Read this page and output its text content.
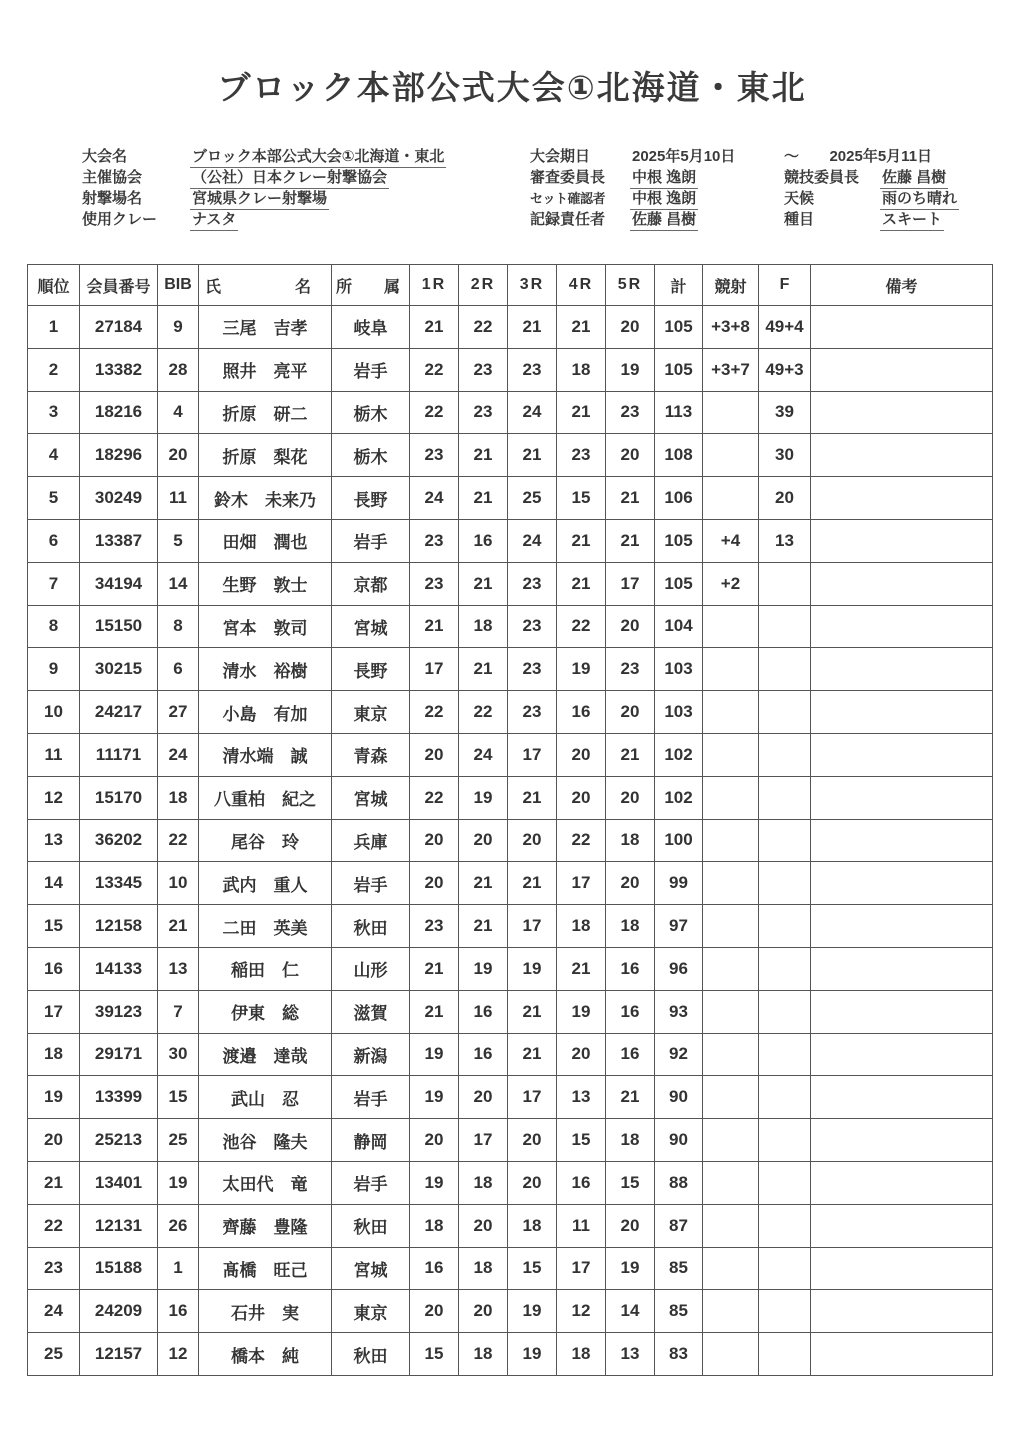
ブロック本部公式大会①北海道・東北
大会名	ブロック本部公式大会①北海道・東北
主催協会	（公社）日本クレー射撃協会
射撃場名	宮城県クレー射撃場
使用クレー	ナスタ
大会期日	2025年5月10日
審査委員長	中根 逸朗
セット確認者	中根 逸朗
記録責任者	佐藤 昌樹
〜 2025年5月11日
競技委員長	佐藤 昌樹
天候	雨のち晴れ
種目	スキート
順位	会員番号	BIB	氏　　名	所　属	1R	2R	3R	4R	5R	計	競射	F	備考
1	27184	9	三尾　吉孝	岐阜	21	22	21	21	20	105	+3+8	49+4	
2	13382	28	照井　亮平	岩手	22	23	23	18	19	105	+3+7	49+3	
3	18216	4	折原　研二	栃木	22	23	24	21	23	113		39	
4	18296	20	折原　梨花	栃木	23	21	21	23	20	108		30	
5	30249	11	鈴木　未来乃	長野	24	21	25	15	21	106		20	
6	13387	5	田畑　潤也	岩手	23	16	24	21	21	105	+4	13	
7	34194	14	生野　敦士	京都	23	21	23	21	17	105	+2		
8	15150	8	宮本　敦司	宮城	21	18	23	22	20	104			
9	30215	6	清水　裕樹	長野	17	21	23	19	23	103			
10	24217	27	小島　有加	東京	22	22	23	16	20	103			
11	11171	24	清水端　誠	青森	20	24	17	20	21	102			
12	15170	18	八重柏　紀之	宮城	22	19	21	20	20	102			
13	36202	22	尾谷　玲	兵庫	20	20	20	22	18	100			
14	13345	10	武内　重人	岩手	20	21	21	17	20	99			
15	12158	21	二田　英美	秋田	23	21	17	18	18	97			
16	14133	13	稲田　仁	山形	21	19	19	21	16	96			
17	39123	7	伊東　総	滋賀	21	16	21	19	16	93			
18	29171	30	渡邉　達哉	新潟	19	16	21	20	16	92			
19	13399	15	武山　忍	岩手	19	20	17	13	21	90			
20	25213	25	池谷　隆夫	静岡	20	17	20	15	18	90			
21	13401	19	太田代　竜	岩手	19	18	20	16	15	88			
22	12131	26	齊藤　豊隆	秋田	18	20	18	11	20	87			
23	15188	1	髙橋　旺己	宮城	16	18	15	17	19	85			
24	24209	16	石井　実	東京	20	20	19	12	14	85			
25	12157	12	橋本　純	秋田	15	18	19	18	13	83			
